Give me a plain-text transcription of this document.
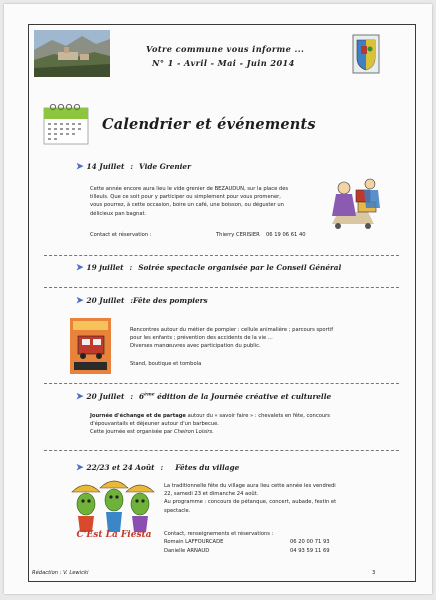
Votre commune vous informe ...
N° 1 - Avril - Mai - Juin 2014
Calendrier et événements
➤ 14 Juillet : Vide Grenier
Cette année encore aura lieu le vide grenier de BEZAUDUN, sur la place des
tilleuls. Que ce soit pour y participer ou simplement pour vous promener,
vous pourrez, à cette occasion, boire un café, une boisson, ou déguster un
délicieux pan bagnat.
Contact et réservation :	Thierry CERISIER 06 19 06 61 40
➤ 19 juillet : Soirée spectacle organisée par le Conseil Général
➤ 20 Juillet :Fête des pompiers
Rencontres autour du métier de pompier : cellule animalière ; parcours sportif
pour les enfants ; prévention des accidents de la vie ...
Diverses manœuvres avec participation du public.
Stand, boutique et tombola
➤ 20 Juillet : 6ème édition de la Journée créative et culturelle
Journée d'échange et de partage autour du « savoir faire » : chevalets en fête, concours
d'épouvantails et déjeuner autour d'un barbecue.
Cette journée est organisée par Cheiron Loisirs.
➤ 22/23 et 24 Août : Fêtes du village
C'Est La Fiesta
La traditionnelle fête du village aura lieu cette année les vendredi
22, samedi 23 et dimanche 24 août.
Au programme : concours de pétanque, concert, aubade, festin et
spectacle.
Contact, renseignements et réservations :
Romain LAFFOURCADE	06 20 00 71 93
Danielle ARNAUD	04 93 59 11 69
Rédaction : V. Lewicki	3
